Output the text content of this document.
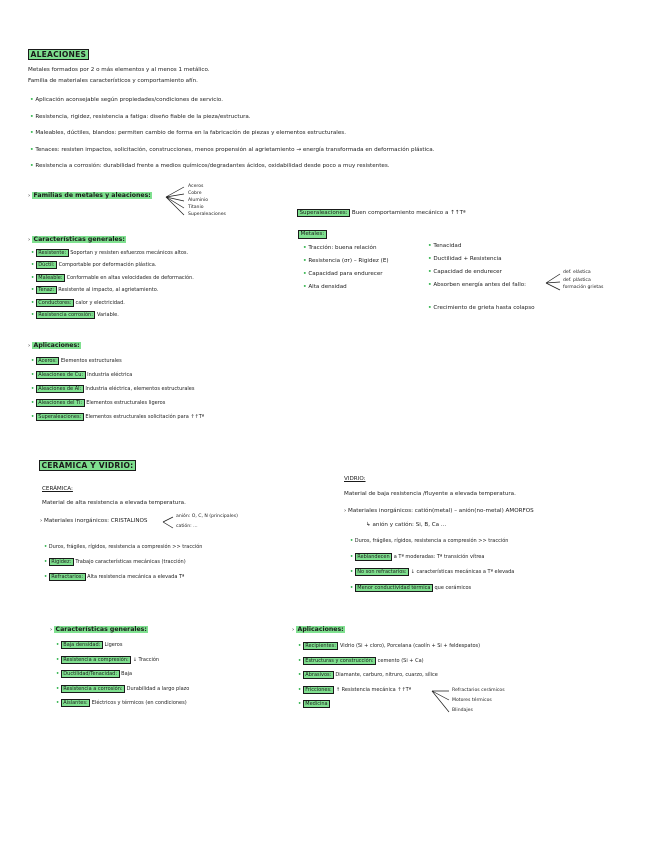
ALEACIONES
Metales formados por 2 o más elementos y al menos 1 metálico.
Familia de materiales característicos y comportamiento afín.
• Aplicación aconsejable según propiedades/condiciones de servicio.
• Resistencia, rigidez, resistencia a fatiga: diseño fiable de la pieza/estructura.
• Maleables, dúctiles, blandos: permiten cambio de forma en la fabricación de piezas y elementos estructurales.
• Tenaces: resisten impactos, solicitación, construcciones, menos propensión al agrietamiento → energía transformada en deformación plástica.
• Resistencia a corrosión: durabilidad frente a medios químicos/degradantes ácidos, oxidabilidad desde poco a muy resistentes.
› Familias de metales y aleaciones:
Aceros
Cobre
Aluminio
Titanio
Superaleaciones	Superaleaciones: Buen comportamiento mecánico a ↑↑Tª
Metales:
• Tracción: buena relación
• Resistencia (σr) – Rigidez (E)
• Capacidad para endurecer
• Alta densidad
• Tenacidad
• Ductilidad + Resistencia
• Capacidad de endurecer
• Absorben energía antes del fallo:
• Crecimiento de grieta hasta colapso
def. elástica
def. plástica
formación grietas
› Características generales:
• Resistente: Soportan y resisten esfuerzos mecánicos altos.
• Dúctil: Comportable por deformación plástica.
• Maleable: Conformable en altas velocidades de deformación.
• Tenaz: Resistente al impacto, al agrietamiento.
• Conductores: calor y electricidad.
• Resistencia corrosión: Variable.
› Aplicaciones:
• Aceros: Elementos estructurales
• Aleaciones de Cu: Industria eléctrica
• Aleaciones de Al: Industria eléctrica, elementos estructurales
• Aleaciones del Ti: Elementos estructurales ligeros
• Superaleaciones: Elementos estructurales solicitación para ↑↑Tª
CERÁMICA Y VIDRIO:
CERÁMICA:
Material de alta resistencia a elevada temperatura.
› Materiales inorgánicos: CRISTALINOS
anión: O, C, N (principales)
catión: ...
• Duros, frágiles, rígidos, resistencia a compresión >> tracción
• Rigidez: Trabajo características mecánicas (tracción)
• Refractarios: Alta resistencia mecánica a elevada Tª
VIDRIO:
Material de baja resistencia /fluyente a elevada temperatura.
› Materiales inorgánicos: catión(metal) – anión(no-metal) AMORFOS
↳ anión y catión: Si, B, Ca ...
• Duros, frágiles, rígidos, resistencia a compresión >> tracción
• Reblandecen a Tª moderadas: Tª transición vítrea
• No son refractarios: ↓ características mecánicas a Tª elevada
• Menor conductividad térmica que cerámicos
› Características generales:
• Baja densidad: Ligeros
• Resistencia a compresión: ↓ Tracción
• Ductilidad/Tenacidad: Baja
• Resistencia a corrosión: Durabilidad a largo plazo
• Aislantes: Eléctricos y térmicos (en condiciones)
› Aplicaciones:
• Recipientes: Vidrio (Si + cloro), Porcelana (caolín + Si + feldespatos)
• Estructuras y construcción: cemento (Si + Ca)
• Abrasivos: Diamante, carburo, nitruro, cuarzo, sílice
• Fricciones: ↑ Resistencia mecánica ↑↑Tª
• Medicina
Refractarios cerámicos
Motores térmicos
Blindajes
